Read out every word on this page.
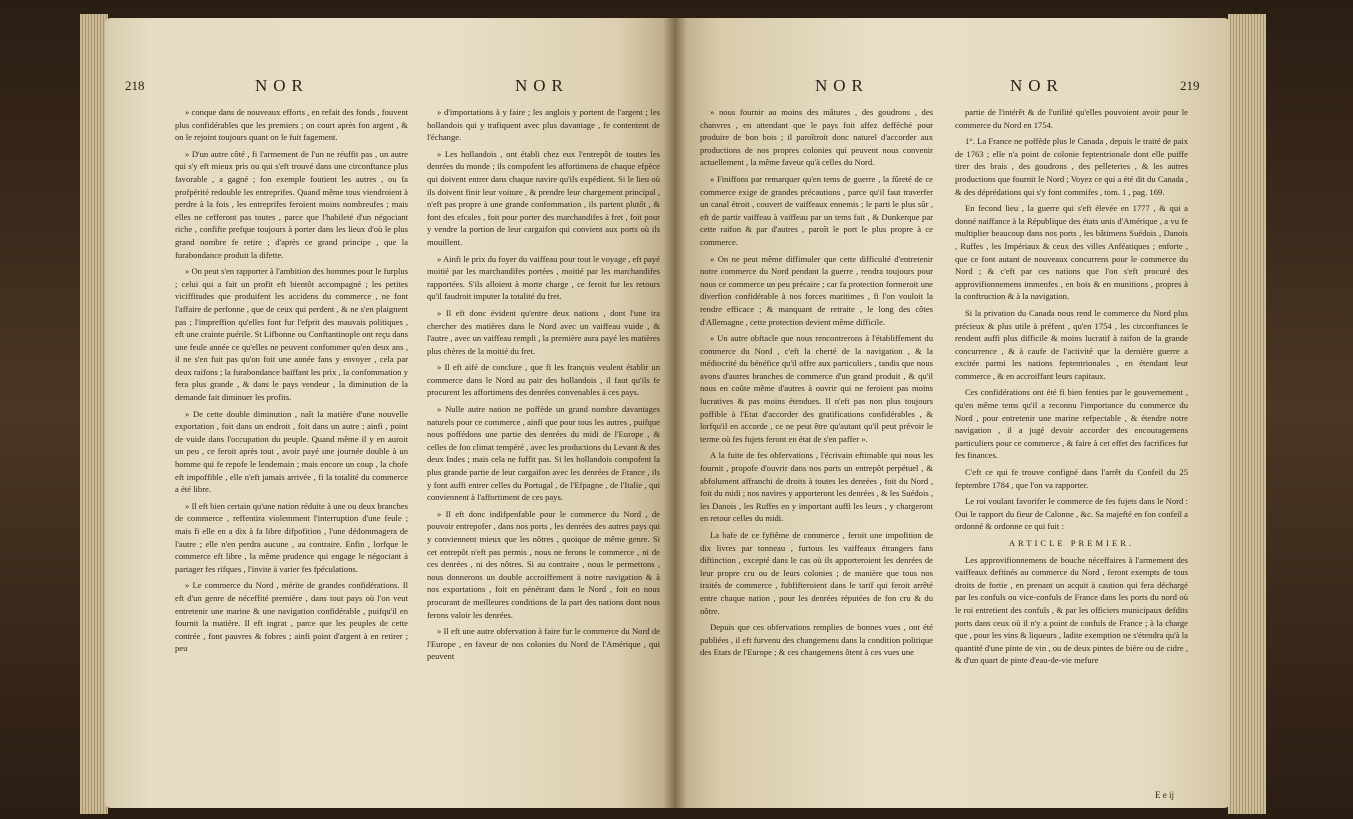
218	NOR	NOR

» conque dans de nouveaux efforts , en refait des fonds , fouvent plus confidérables que les premiers ; on court après fon argent , & on le rejoint toujours quant on le fuit fagement.

» D'un autre côté , fi l'armement de l'un ne réuffit pas , un autre qui s'y eft mieux pris ou qui s'eft trouvé dans une circonftance plus favorable , a gagné ; fon exemple foutient les autres , ou fa profpérité redouble les entreprifes. Quand même tous viendroient à perdre à la fois , les entreprifes feroient moins nombreufes ; mais elles ne cefferont pas toutes , parce que l'habileté d'un négociant riche , confifte prefque toujours à porter dans les lieux d'où le plus grand nombre fe retire ; d'après ce grand principe , que la furabondance produit la difette.

» On peut s'en rapporter à l'ambition des hommes pour le furplus ; celui qui a fait un profit eft bientôt accompagné ; les petites viciffitudes que produifent les accidens du commerce , ne font l'affaire de perfonne , que de ceux qui perdent , & ne s'en plaignent pas ; l'impreffion qu'elles font fur l'efprit des mauvais politiques , eft une crainte puérile. St Lifbonne ou Conftantinople ont reçu dans une feule année ce qu'elles ne peuvent confommer qu'en deux ans , il ne s'en fuit pas qu'on foit une année fans y envoyer , cela par deux raifons ; la furabondance baiffant les prix , la confommation y fera plus grande , & dans le pays vendeur , la diminution de la demande fait diminuer les profits.

» De cette double diminution , naît la matière d'une nouvelle exportation , foit dans un endroit , foit dans un autre ; ainfi , point de vuide dans l'occupation du peuple. Quand même il y en auroit un peu , ce feroit après tout , avoir payé une journée double à un homme qui fe repofe le lendemain ; mais encore un coup , la chofe eft impoffible , elle n'eft jamais arrivée , fi la totalité du commerce a été libre.

» Il eft bien certain qu'une nation réduite à une ou deux branches de commerce , reffentira violemment l'interruption d'une feule ; mais fi elle en a dix à fa libre difpofition , l'une dédommagera de l'autre ; elle n'en perdra aucune , au contraire. Enfin , lorfque le commerce eft libre , la même prudence qui engage le négociant à partager fes rifques , l'invite à varier fes fpéculations.

» Le commerce du Nord , mérite de grandes confidérations. Il eft d'un genre de néceffité première , dans tout pays où l'on veut entretenir une marine & une navigation confidérable , puifqu'il en fournit la matière. Il eft ingrat , parce que les peuples de cette contrée , font pauvres & fobres ; ainfi point d'argent à en retirer ; peu

» d'importations à y faire ; les anglois y portent de l'argent ; les hollandois qui y trafiquent avec plus davantage , fe contentent de l'échange.

» Les hollandois , ont établi chez eux l'entrepôt de toutes les denrées du monde ; ils compofent les affortimens de chaque efpèce qui doivent entrer dans chaque navire qu'ils expédient. Si le lieu où ils doivent finir leur voiture , & prendre leur chargement principal , n'eft pas propre à une grande confommation , ils partent plutôt , & font des efcales , foit pour porter des marchandifes à fret , foit pour y vendre la portion de leur cargaifon qui convient aux ports où ils mouillent.

» Ainfi le prix du foyer du vaiffeau pour tout le voyage , eft payé moitié par les marchandifes portées , moitié par les marchandifes rapportées. S'ils alloient à morte charge , ce feroit fur les retours qu'il faudroit imputer la totalité du fret.

» Il eft donc évident qu'entre deux nations , dont l'une ira chercher des matières dans le Nord avec un vaiffeau vuide , & l'autre , avec un vaiffeau rempli , la première aura payé les matières plus chères de la moitié du fret.

» Il eft aifé de conclure , que fi les françois veulent établir un commerce dans le Nord au pair des hollandois , il faut qu'ils fe procurent les affortimens des denrées convenables à ces pays.

» Nulle autre nation ne poffède un grand nombre davantages naturels pour ce commerce , ainfi que pour tous les autres , puifque nous poffédons une partie des denrées du midi de l'Europe , & celles de fon climat tempéré , avec les productions du Levant & des deux Indes ; mais cela ne fuffit pas. Si les hollandois compofent la plus grande partie de leur cargaifon avec les denrées de France , ils y font auffi entrer celles du Portugal , de l'Efpagne , de l'Italie , qui conviennent à l'affortiment de ces pays.

» Il eft donc indifpenfable pour le commerce du Nord , de pouvoir entrepofer , dans nos ports , les denrées des autres pays qui y conviennent mieux que les nôtres , quoique de même genre. Si cet entrepôt n'eft pas permis , nous ne ferons le commerce , ni de ces denrées , ni des nôtres. Si au contraire , nous le permettons , nous donnerons un double accroiffement à notre navigation & à nos exportations , foit en pénétrant dans le Nord , foit en nous procurant de meilleures conditions de la part des nations dont nous ferons valoir les denrées.

» Il eft une autre obfervation à faire fur le commerce du Nord de l'Europe , en faveur de nos colonies du Nord de l'Amérique , qui peuvent

NOR	NOR	219

» nous fournir au moins des mâtures , des goudrons , des chanvres , en attendant que le pays foit affez defféché pour produire de bon bois ; il paroîtroit donc naturel d'accorder aux productions de nos propres colonies qui peuvent nous convenir actuellement , la même faveur qu'à celles du Nord.

» Finiffons par remarquer qu'en tems de guerre , la fûreté de ce commerce exige de grandes précautions , parce qu'il faut traverfer un canal étroit , couvert de vaiffeaux ennemis ; le parti le plus sûr , eft de partir vaiffeau à vaiffeau par un tems fait , & Dunkerque par cette raifon & par d'autres , paroît le port le plus propre à ce commerce.

» On ne peut même diffimuler que cette difficulté d'entretenir notre commerce du Nord pendant la guerre , rendra toujours pour nous ce commerce un peu précaire ; car fa protection formeroit une diverfion confidérable à nos forces maritimes , fi l'on vouloit la rendre efficace ; & manquant de retraite , le long des côtes d'Allemagne , cette protection devient même difficile.

» Un autre obftacle que nous rencontrerons à l'établiffement du commerce du Nord , c'eft la cherté de la navigation , & la médiocrité du bénéfice qu'il offre aux particuliers , tandis que nous avons d'autres branches de commerce d'un grand produit , & qu'il nous en coûte même d'autres à ouvrir qui ne feroient pas moins lucratives & pas moins étendues. Il n'eft pas non plus toujours poffible à l'Etat d'accorder des gratifications confidérables , & lorfqu'il en accorde , ce ne peut être qu'autant qu'il peut prévoir le terme où fes fujets feront en état de s'en paffer ».

A la fuite de fes obfervations , l'écrivain eftimable qui nous les fournit , propofe d'ouvrir dans nos ports un entrepôt perpétuel , & abfolument affranchi de droits à toutes les denrées , foit du Nord , foit du midi ; nos navires y apporteront les denrées , & les Suédois , les Danois , les Ruffes en y important auffi les leurs , y chargeront en retour celles du midi.

La bafe de ce fyftême de commerce , feroit une impofition de dix livres par tonneau , furtous les vaiffeaux étrangers fans diftinction , excepté dans le cas où ils apporteroient les denrées de leur propre cru ou de leurs colonies ; de manière que tous nos traités de commerce , fubfifteroient dans le tarif qui feroit arrêté entre chaque nation , pour les denrées réputées de fon cru & du nôtre.

Depuis que ces obfervations remplies de bonnes vues , ont été publiées , il eft furvenu des changemens dans la condition politique des Etats de l'Europe ; & ces changemens ôtent à ces vues une

partie de l'intérêt & de l'utilité qu'elles pouvoient avoir pour le commerce du Nord en 1754.

1°. La France ne poffède plus le Canada , depuis le traité de paix de 1763 ; elle n'a point de colonie feptentrionale dont elle puiffe tirer des brais , des goudrons , des pelleteries , & les autres productions que fournit le Nord ; Voyez ce qui a été dit du Canada , & des déprédations qui s'y font commifes , tom. 1 , pag. 169.

En fecond lieu , la guerre qui s'eft élevée en 1777 , & qui a donné naiffance à la République des états unis d'Amérique , a vu fe multiplier beaucoup dans nos ports , les bâtimens Suédois , Danois , Ruffes , les Impériaux & ceux des villes Anféatiques ; enforte , que ce font autant de nouveaux concurrens pour le commerce du Nord ; & c'eft par ces nations que l'on s'eft procuré des approvifionnemens immenfes , en bois & en munitions , propres à la conftruction & à la navigation.

Si la privation du Canada nous rend le commerce du Nord plus précieux & plus utile à préfent , qu'en 1754 , les circonftances le rendent auffi plus difficile & moins lucratif à raifon de la grande concurrence , & à caufe de l'activité que la dernière guerre a excitée parmi les nations feptentrionales , en étendant leur commerce , & en accroiffant leurs capitaux.

Ces confidérations ont été fi bien fenties par le gouvernement , qu'en même tems qu'il a reconnu l'importance du commerce du Nord , pour entretenir une marine refpectable , & étendre notre navigation , il a jugé devoir accorder des encouragemens particuliers pour ce commerce , & faire à cet effet des facrifices fur fes finances.

C'eft ce qui fe trouve configné dans l'arrêt du Confeil du 25 feptembre 1784 , que l'on va rapporter.

Le roi voulant favorifer le commerce de fes fujets dans le Nord : Oui le rapport du fieur de Calonne , &c. Sa majefté en fon confeil a ordonné & ordonne ce qui fuit :

ARTICLE PREMIER.

Les approvifionnemens de bouche néceffaires à l'armement des vaiffeaux deftinés au commerce du Nord , feront exempts de tous droits de fortie , en prenant un acquit à caution qui fera déchargé par les confuls ou vice-confuls de France dans les ports du nord où le roi entretient des confuls , & par les officiers municipaux defdits ports dans ceux où il n'y a point de confuls de France ; à la charge que , pour les vins & liqueurs , ladite exemption ne s'étendra qu'à la quantité d'une pinte de vin , ou de deux pintes de bière ou de cidre , & d'un quart de pinte d'eau-de-vie mefure

E e ij
